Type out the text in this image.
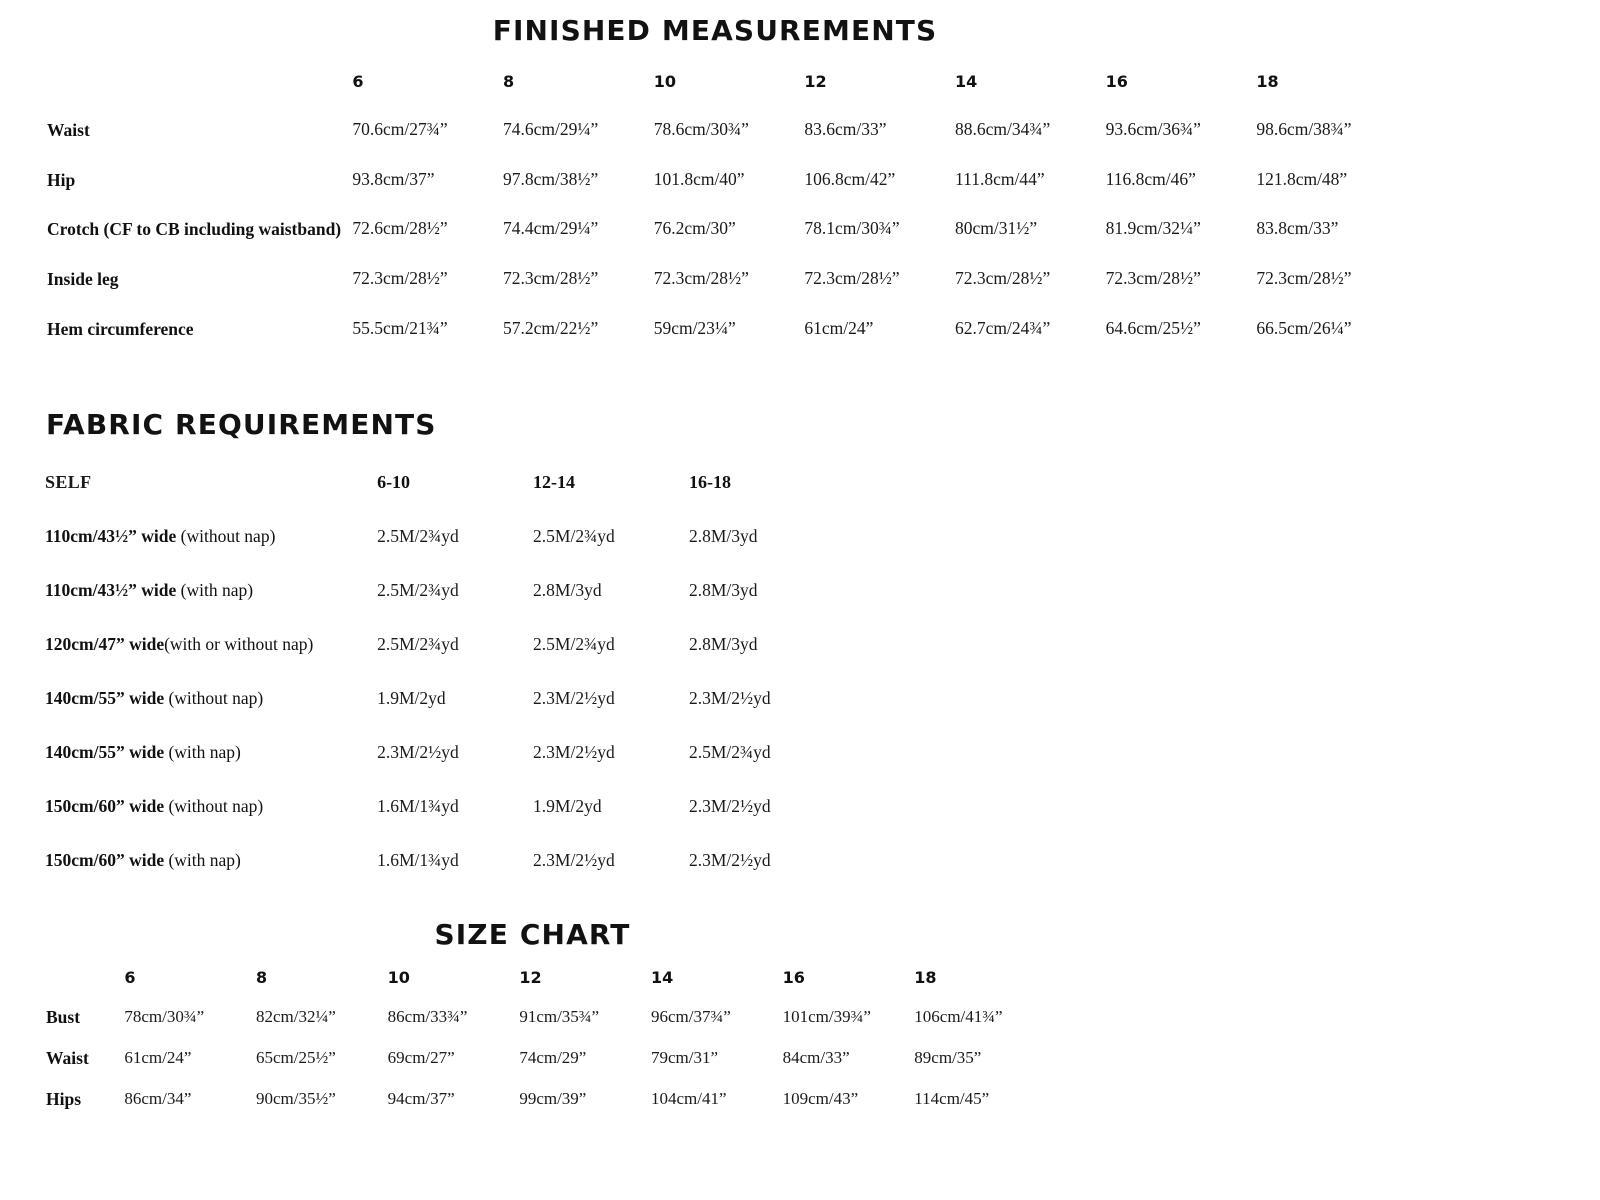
FINISHED MEASUREMENTS
	6	8	10	12	14	16	18
Waist	70.6cm/27¾”	74.6cm/29¼”	78.6cm/30¾”	83.6cm/33”	88.6cm/34¾”	93.6cm/36¾”	98.6cm/38¾”
Hip	93.8cm/37”	97.8cm/38½”	101.8cm/40”	106.8cm/42”	111.8cm/44”	116.8cm/46”	121.8cm/48”
Crotch (CF to CB including waistband)	72.6cm/28½”	74.4cm/29¼”	76.2cm/30”	78.1cm/30¾”	80cm/31½”	81.9cm/32¼”	83.8cm/33”
Inside leg	72.3cm/28½”	72.3cm/28½”	72.3cm/28½”	72.3cm/28½”	72.3cm/28½”	72.3cm/28½”	72.3cm/28½”
Hem circumference	55.5cm/21¾”	57.2cm/22½”	59cm/23¼”	61cm/24”	62.7cm/24¾”	64.6cm/25½”	66.5cm/26¼”
FABRIC REQUIREMENTS
SELF	6-10	12-14	16-18
110cm/43½” wide (without nap)	2.5M/2¾yd	2.5M/2¾yd	2.8M/3yd
110cm/43½” wide (with nap)	2.5M/2¾yd	2.8M/3yd	2.8M/3yd
120cm/47” wide(with or without nap)	2.5M/2¾yd	2.5M/2¾yd	2.8M/3yd
140cm/55” wide (without nap)	1.9M/2yd	2.3M/2½yd	2.3M/2½yd
140cm/55” wide (with nap)	2.3M/2½yd	2.3M/2½yd	2.5M/2¾yd
150cm/60” wide (without nap)	1.6M/1¾yd	1.9M/2yd	2.3M/2½yd
150cm/60” wide (with nap)	1.6M/1¾yd	2.3M/2½yd	2.3M/2½yd
SIZE CHART
	6	8	10	12	14	16	18
Bust	78cm/30¾”	82cm/32¼”	86cm/33¾”	91cm/35¾”	96cm/37¾”	101cm/39¾”	106cm/41¾”
Waist	61cm/24”	65cm/25½”	69cm/27”	74cm/29”	79cm/31”	84cm/33”	89cm/35”
Hips	86cm/34”	90cm/35½”	94cm/37”	99cm/39”	104cm/41”	109cm/43”	114cm/45”
